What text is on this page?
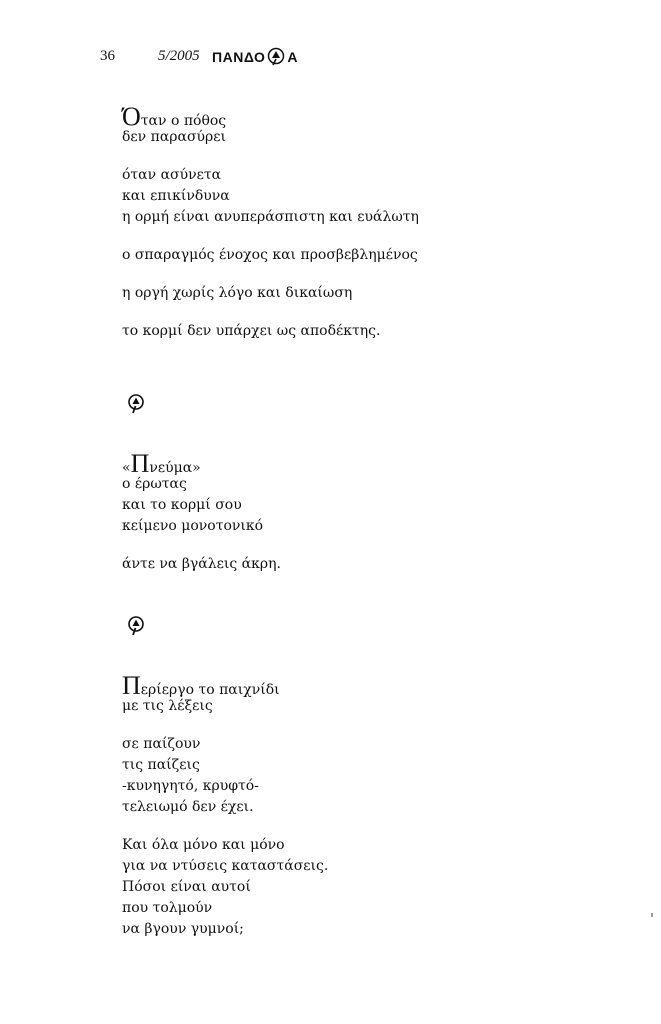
36	5/2005 ΠΑΝΔΟ Α
Όταν ο πόθος
δεν παρασύρει
όταν ασύνετα
και επικίνδυνα
η ορμή είναι ανυπεράσπιστη και ευάλωτη
ο σπαραγμός ένοχος και προσβεβλημένος
η οργή χωρίς λόγο και δικαίωση
το κορμί δεν υπάρχει ως αποδέκτης.
«Πνεύμα»
ο έρωτας
και το κορμί σου
κείμενο μονοτονικό
άντε να βγάλεις άκρη.
Περίεργο το παιχνίδι
με τις λέξεις
σε παίζουν
τις παίζεις
-κυνηγητό, κρυφτό-
τελειωμό δεν έχει.
Και όλα μόνο και μόνο
για να ντύσεις καταστάσεις.
Πόσοι είναι αυτοί
που τολμούν
να βγουν γυμνοί;
